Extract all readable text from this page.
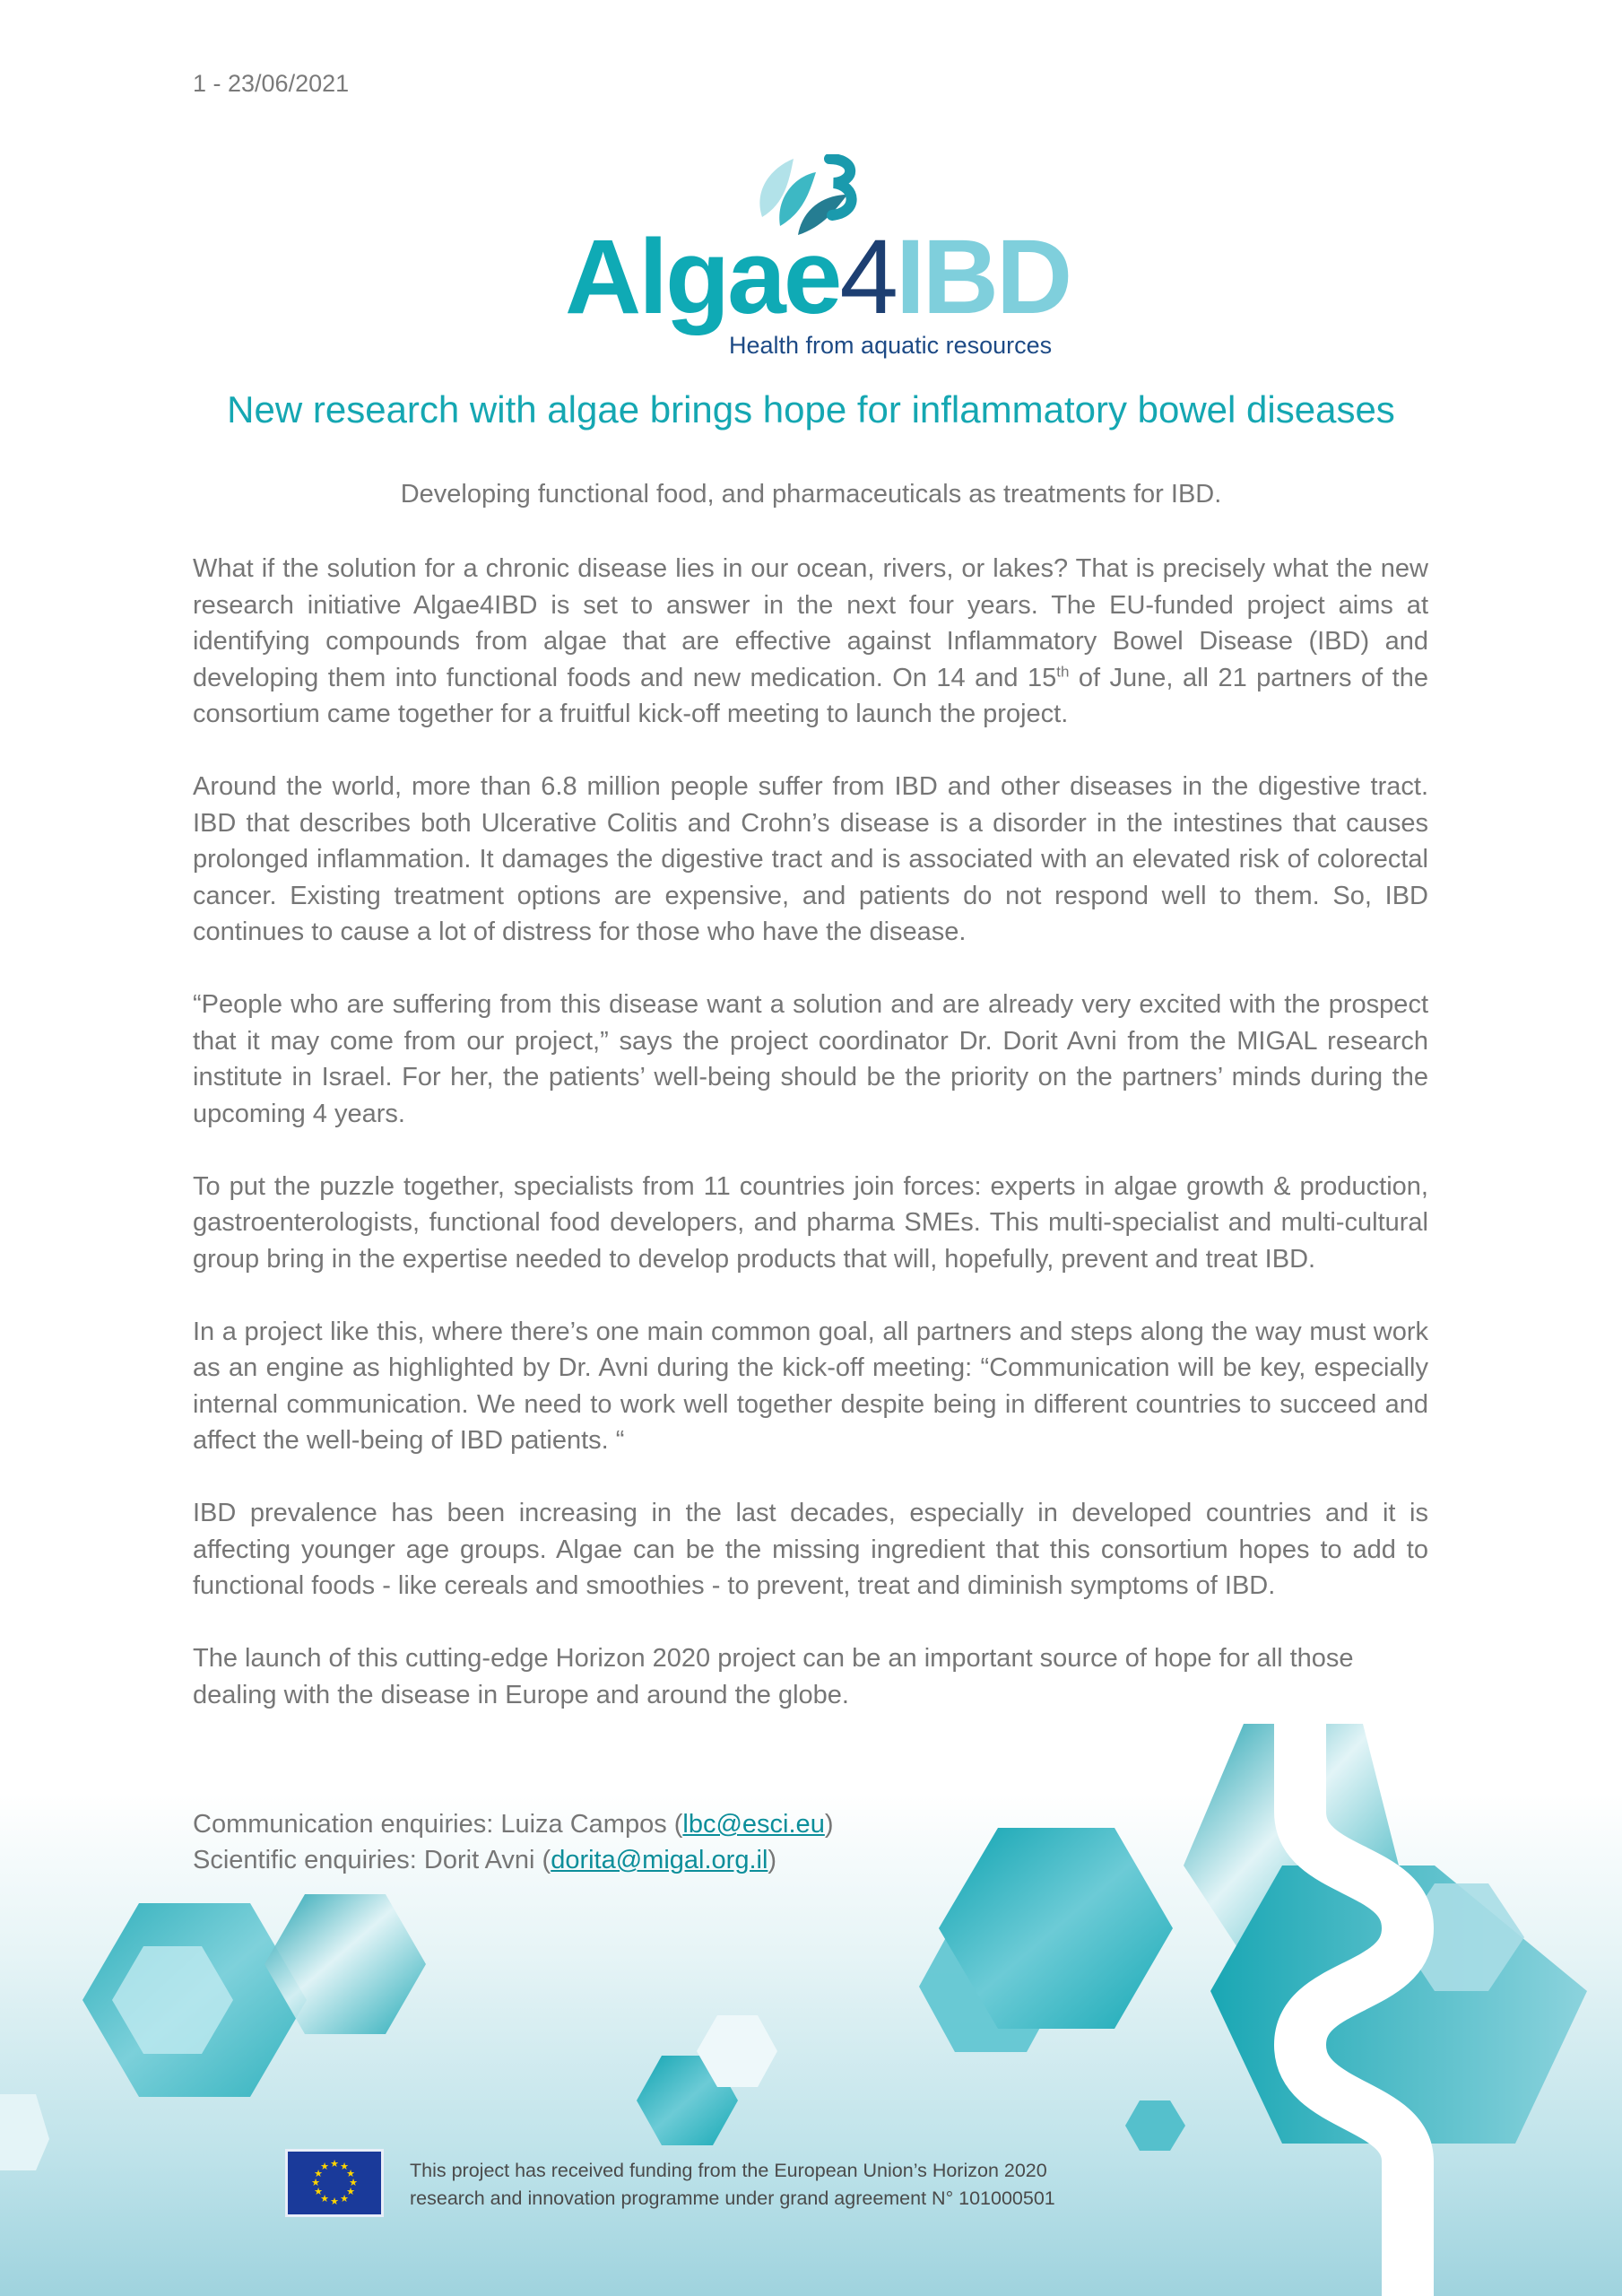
1 - 23/06/2021
Algae4IBD
Health from aquatic resources
New research with algae brings hope for inflammatory bowel diseases
Developing functional food, and pharmaceuticals as treatments for IBD.

What if the solution for a chronic disease lies in our ocean, rivers, or lakes? That is precisely what the new research initiative Algae4IBD is set to answer in the next four years. The EU-funded project aims at identifying compounds from algae that are effective against Inflammatory Bowel Disease (IBD) and developing them into functional foods and new medication. On 14 and 15th of June, all 21 partners of the consortium came together for a fruitful kick-off meeting to launch the project.

Around the world, more than 6.8 million people suffer from IBD and other diseases in the digestive tract. IBD that describes both Ulcerative Colitis and Crohn’s disease is a disorder in the intestines that causes prolonged inflammation. It damages the digestive tract and is associated with an elevated risk of colorectal cancer. Existing treatment options are expensive, and patients do not respond well to them. So, IBD continues to cause a lot of distress for those who have the disease.

“People who are suffering from this disease want a solution and are already very excited with the prospect that it may come from our project,” says the project coordinator Dr. Dorit Avni from the MIGAL research institute in Israel. For her, the patients’ well-being should be the priority on the partners’ minds during the upcoming 4 years.

To put the puzzle together, specialists from 11 countries join forces: experts in algae growth & production, gastroenterologists, functional food developers, and pharma SMEs. This multi-specialist and multi-cultural group bring in the expertise needed to develop products that will, hopefully, prevent and treat IBD.

In a project like this, where there’s one main common goal, all partners and steps along the way must work as an engine as highlighted by Dr. Avni during the kick-off meeting: “Communication will be key, especially internal communication. We need to work well together despite being in different countries to succeed and affect the well-being of IBD patients. “

IBD prevalence has been increasing in the last decades, especially in developed countries and it is affecting younger age groups. Algae can be the missing ingredient that this consortium hopes to add to functional foods - like cereals and smoothies - to prevent, treat and diminish symptoms of IBD.

The launch of this cutting-edge Horizon 2020 project can be an important source of hope for all those dealing with the disease in Europe and around the globe.

Communication enquiries: Luiza Campos (lbc@esci.eu)
Scientific enquiries: Dorit Avni (dorita@migal.org.il)
★ ★
★
★
★
★
★
★
★
★
★
★	This project has received funding from the European Union’s Horizon 2020
research and innovation programme under grand agreement N° 101000501
